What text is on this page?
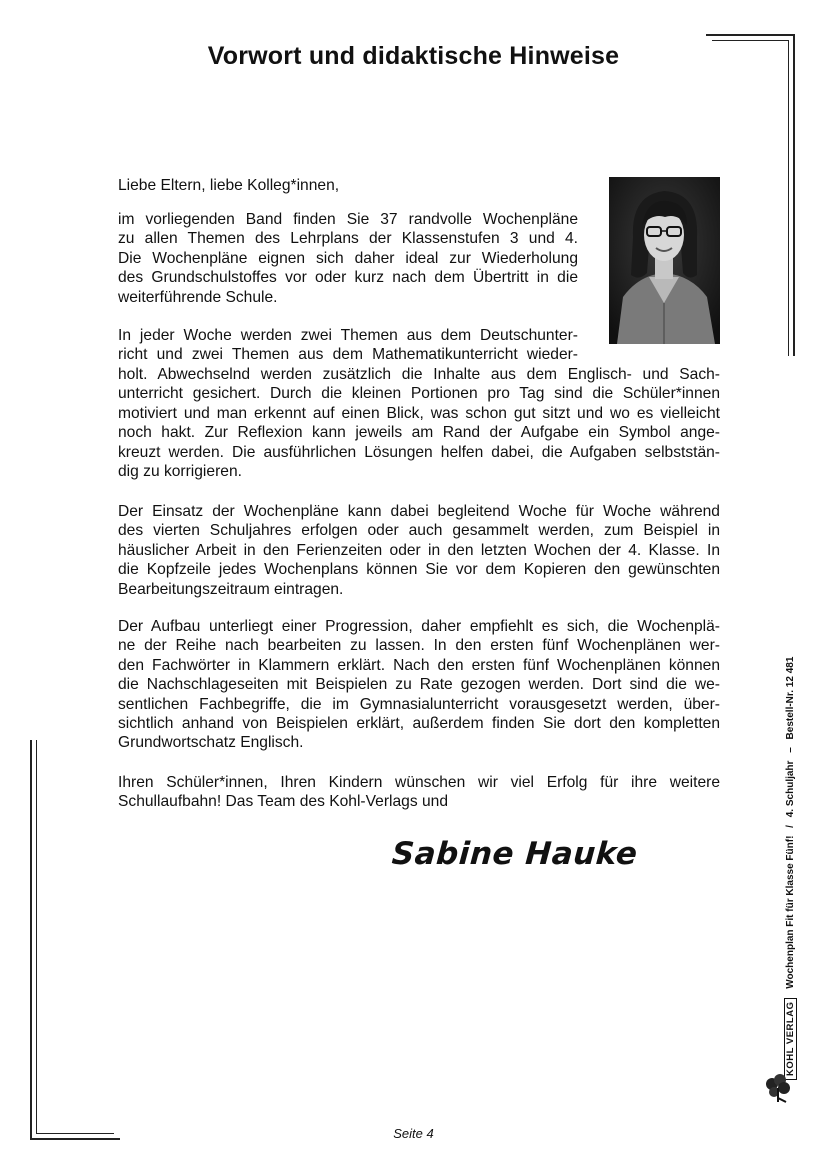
Vorwort und didaktische Hinweise
Liebe Eltern, liebe Kolleg*innen,
im vorliegenden Band finden Sie 37 randvolle Wochenpläne
zu allen Themen des Lehrplans der Klassenstufen 3 und 4.
Die Wochenpläne eignen sich daher ideal zur Wiederholung
des Grundschulstoffes vor oder kurz nach dem Übertritt in die
weiterführende Schule.
In jeder Woche werden zwei Themen aus dem Deutschunter-
richt und zwei Themen aus dem Mathematikunterricht wieder-
holt. Abwechselnd werden zusätzlich die Inhalte aus dem Englisch- und Sach-
unterricht gesichert. Durch die kleinen Portionen pro Tag sind die Schüler*innen
motiviert und man erkennt auf einen Blick, was schon gut sitzt und wo es vielleicht
noch hakt. Zur Reflexion kann jeweils am Rand der Aufgabe ein Symbol ange-
kreuzt werden. Die ausführlichen Lösungen helfen dabei, die Aufgaben selbststän-
dig zu korrigieren.
Der Einsatz der Wochenpläne kann dabei begleitend Woche für Woche während
des vierten Schuljahres erfolgen oder auch gesammelt werden, zum Beispiel in
häuslicher Arbeit in den Ferienzeiten oder in den letzten Wochen der 4. Klasse. In
die Kopfzeile jedes Wochenplans können Sie vor dem Kopieren den gewünschten
Bearbeitungszeitraum eintragen.
Der Aufbau unterliegt einer Progression, daher empfiehlt es sich, die Wochenplä-
ne der Reihe nach bearbeiten zu lassen. In den ersten fünf Wochenplänen wer-
den Fachwörter in Klammern erklärt. Nach den ersten fünf Wochenplänen können
die Nachschlageseiten mit Beispielen zu Rate gezogen werden. Dort sind die we-
sentlichen Fachbegriffe, die im Gymnasialunterricht vorausgesetzt werden, über-
sichtlich anhand von Beispielen erklärt, außerdem finden Sie dort den kompletten
Grundwortschatz Englisch.
Ihren Schüler*innen, Ihren Kindern wünschen wir viel Erfolg für ihre weitere
Schullaufbahn! Das Team des Kohl-Verlags und
Sabine Hauke
KOHL VERLAG Wochenplan Fit für Klasse Fünf! / 4. Schuljahr – Bestell-Nr. 12 481
Seite 4
